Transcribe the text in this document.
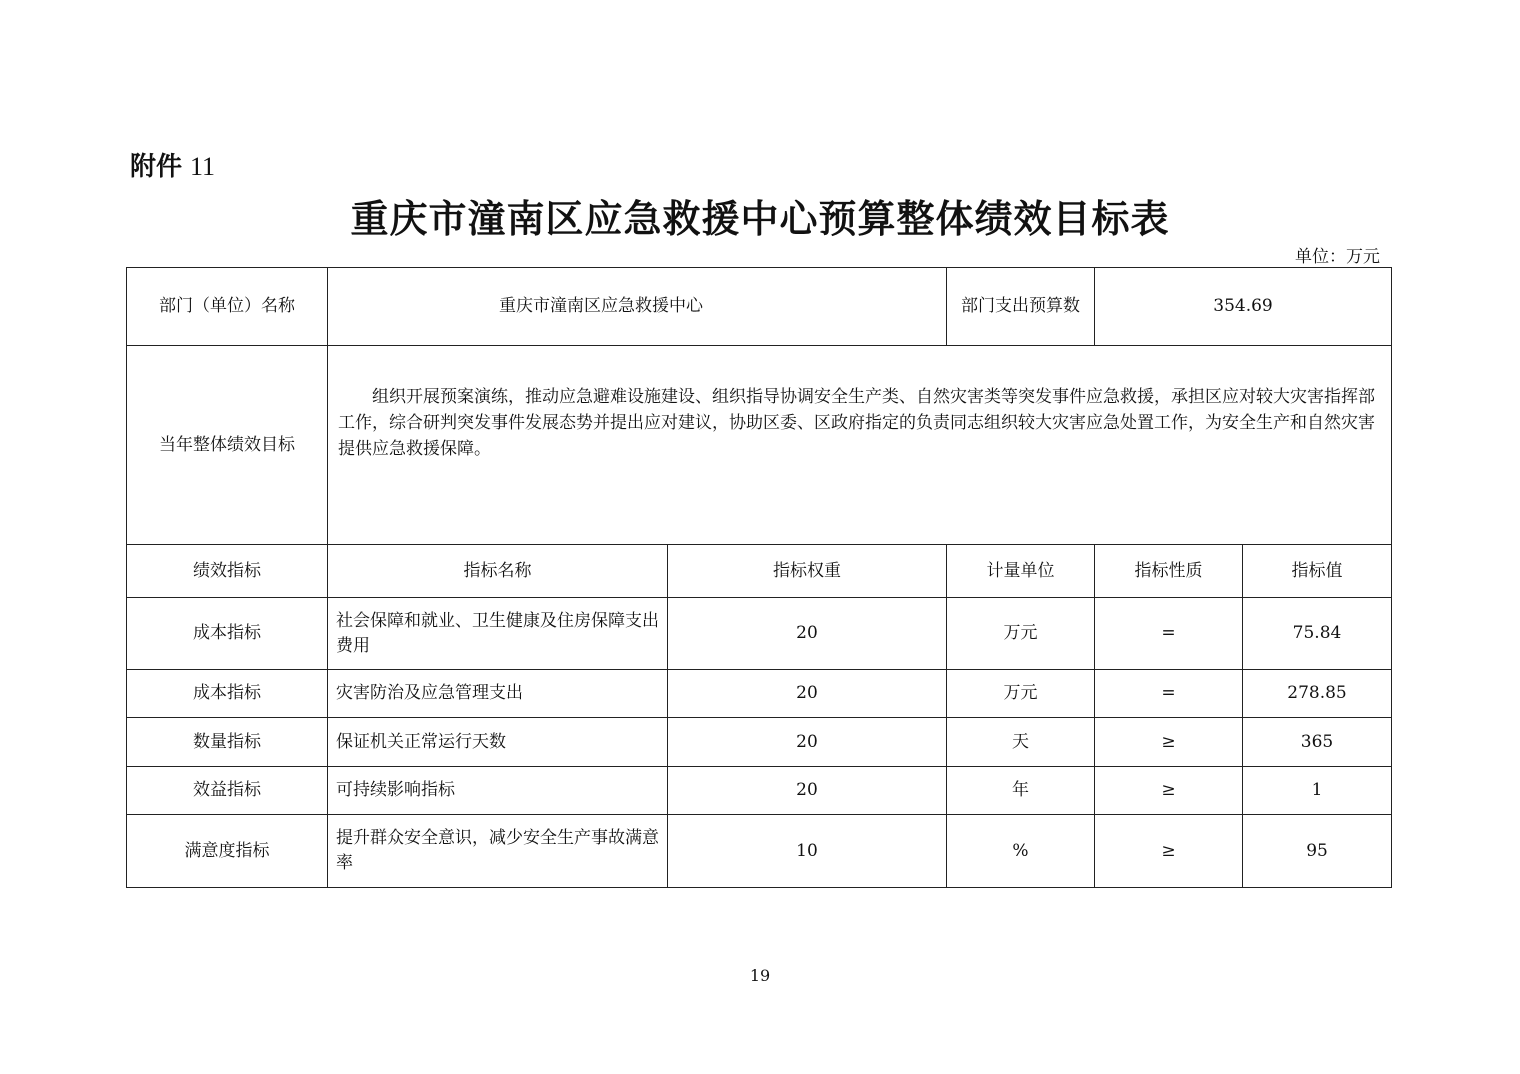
附件 11
重庆市潼南区应急救援中心预算整体绩效目标表
单位：万元
部门（单位）名称	重庆市潼南区应急救援中心		部门支出预算数	354.69	
当年整体绩效目标	组织开展预案演练，推动应急避难设施建设、组织指导协调安全生产类、自然灾害类等突发事件应急救援，承担区应对较大灾害指挥部工作，综合研判突发事件发展态势并提出应对建议，协助区委、区政府指定的负责同志组织较大灾害应急处置工作，为安全生产和自然灾害提供应急救援保障。				
绩效指标	指标名称	指标权重	计量单位	指标性质	指标值
成本指标	社会保障和就业、卫生健康及住房保障支出费用	20	万元	=	75.84
成本指标	灾害防治及应急管理支出	20	万元	=	278.85
数量指标	保证机关正常运行天数	20	天	≥	365
效益指标	可持续影响指标	20	年	≥	1
满意度指标	提升群众安全意识，减少安全生产事故满意率	10	%	≥	95
19
